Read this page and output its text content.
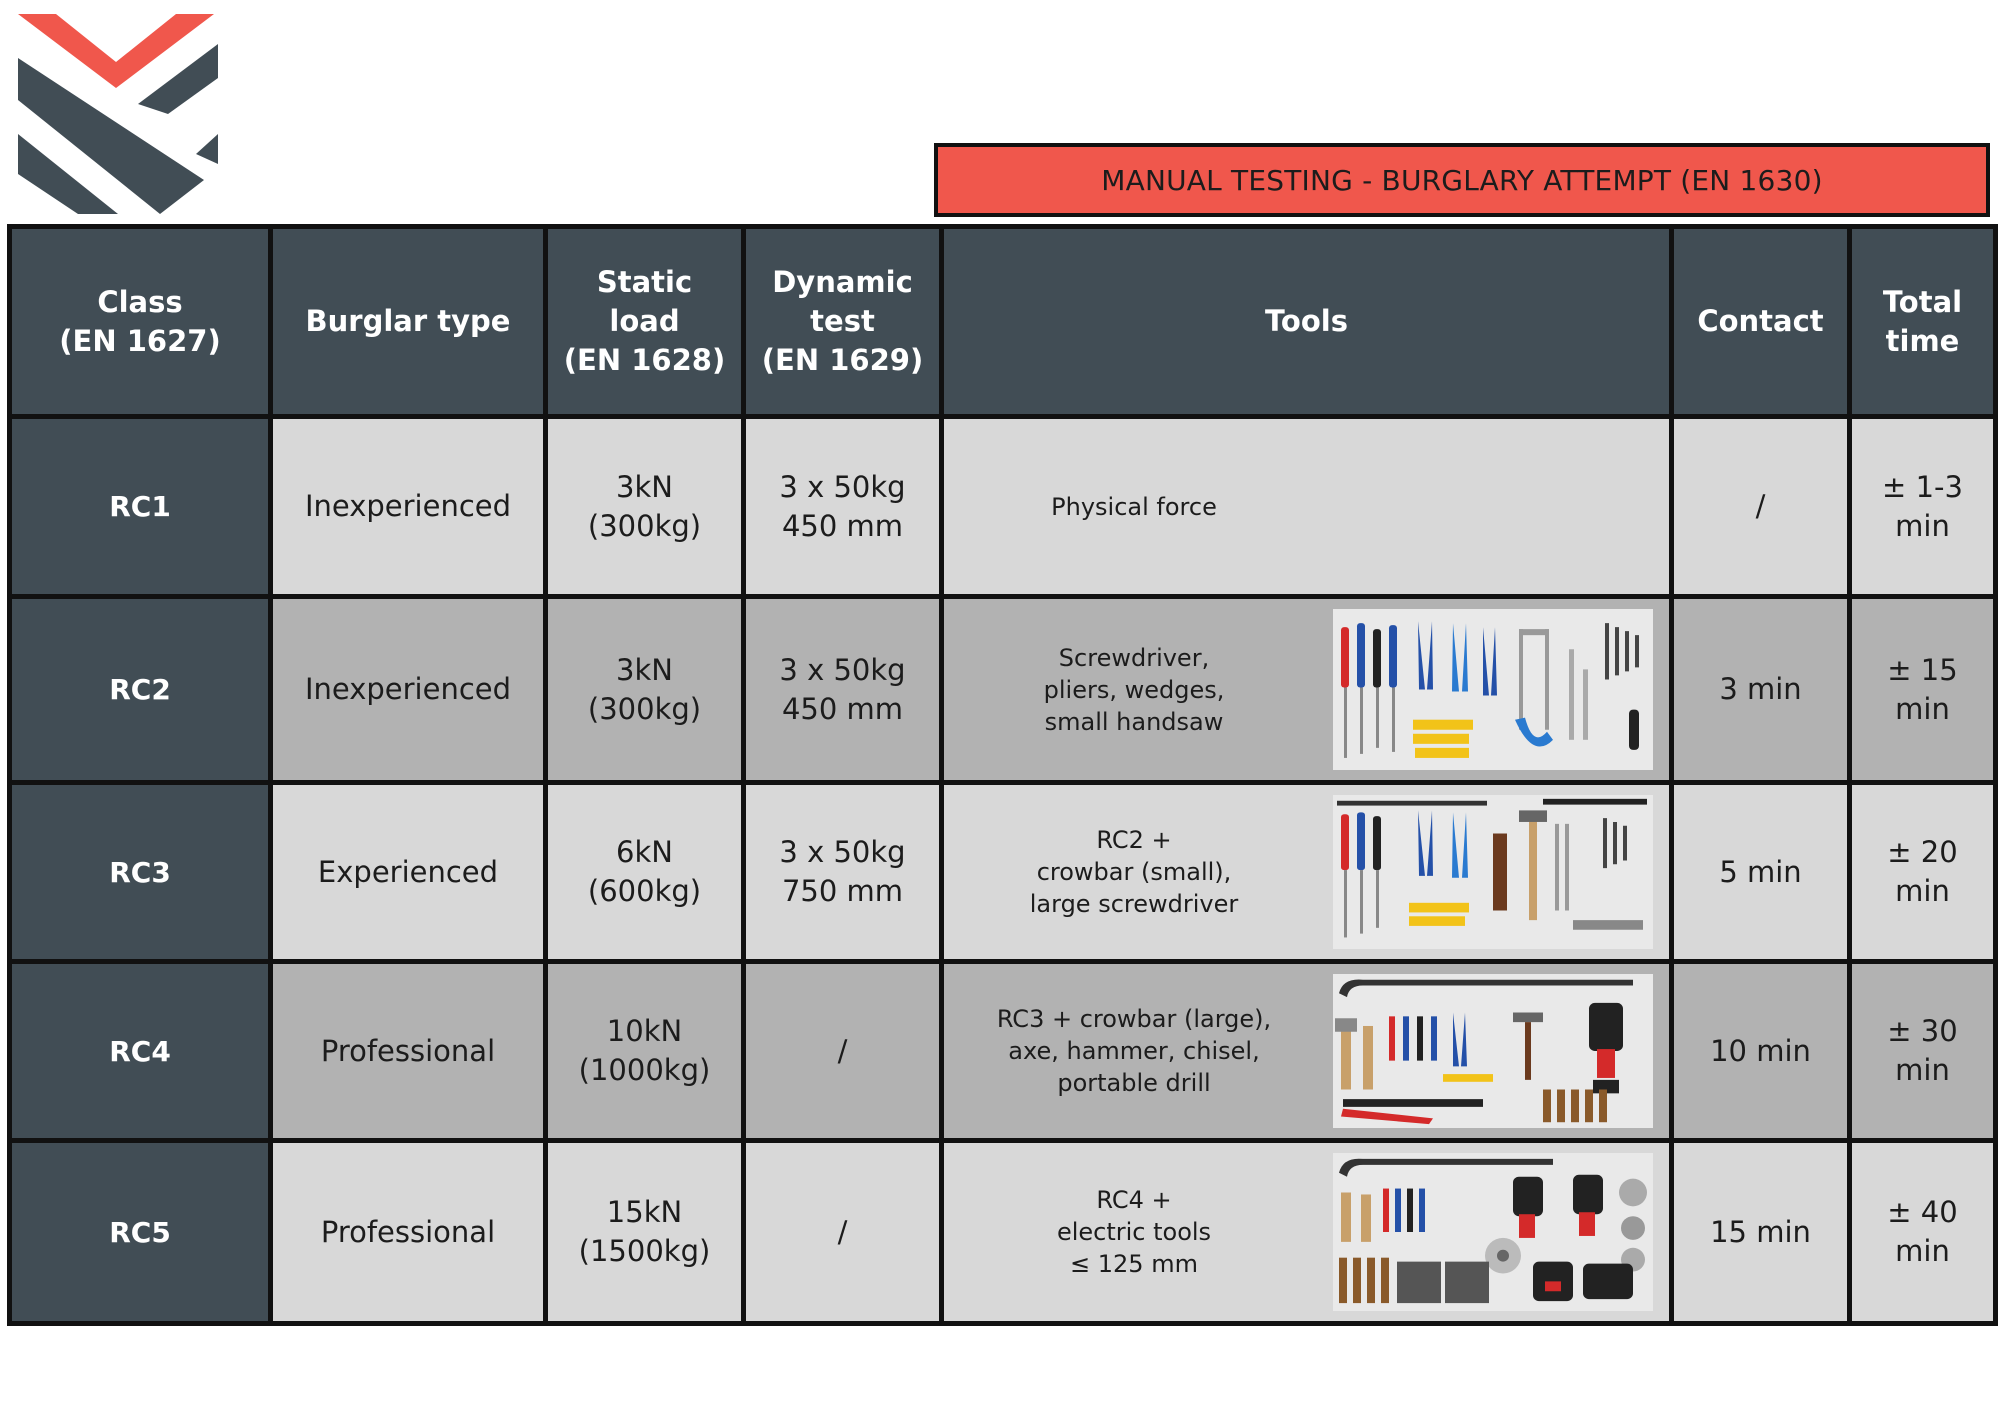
MANUAL TESTING - BURGLARY ATTEMPT (EN 1630)
Class
(EN 1627)	Burglar type	Static
load
(EN 1628)	Dynamic
test
(EN 1629)	Tools	Contact	Total
time
RC1	Inexperienced	3kN
(300kg)	3 x 50kg
450 mm	Physical force	/	± 1-3
min
RC2	Inexperienced	3kN
(300kg)	3 x 50kg
450 mm	Screwdriver,
pliers, wedges,
small handsaw	3 min	± 15
min
RC3	Experienced	6kN
(600kg)	3 x 50kg
750 mm	RC2 +
crowbar (small),
large screwdriver	5 min	± 20
min
RC4	Professional	10kN
(1000kg)	/	RC3 + crowbar (large),
axe, hammer, chisel,
portable drill	10 min	± 30
min
RC5	Professional	15kN
(1500kg)	/	RC4 +
electric tools
≤ 125 mm	15 min	± 40
min
